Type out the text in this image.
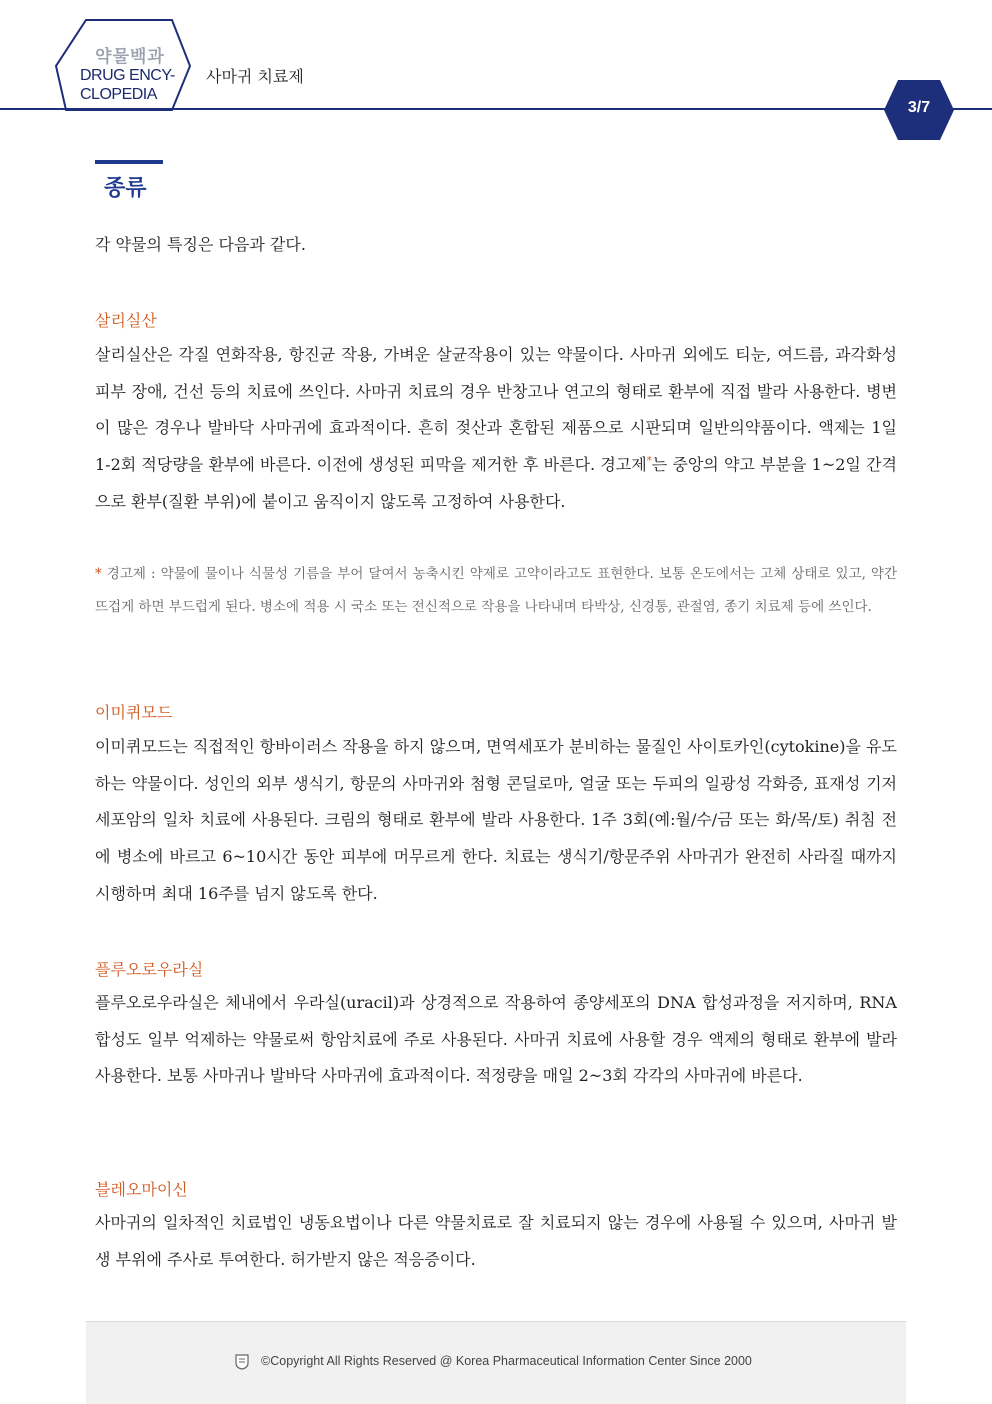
약물백과
DRUG ENCY-
CLOPEDIA
사마귀 치료제
3/7
종류
각 약물의 특징은 다음과 같다.
살리실산

살리실산은 각질 연화작용, 항진균 작용, 가벼운 살균작용이 있는 약물이다. 사마귀 외에도 티눈, 여드름, 과각화성 피부 장애, 건선 등의 치료에 쓰인다. 사마귀 치료의 경우 반창고나 연고의 형태로 환부에 직접 발라 사용한다. 병변이 많은 경우나 발바닥 사마귀에 효과적이다. 흔히 젖산과 혼합된 제품으로 시판되며 일반의약품이다. 액제는 1일 1-2회 적당량을 환부에 바른다. 이전에 생성된 피막을 제거한 후 바른다. 경고제*는 중앙의 약고 부분을 1~2일 간격으로 환부(질환 부위)에 붙이고 움직이지 않도록 고정하여 사용한다.

* 경고제 : 약물에 물이나 식물성 기름을 부어 달여서 농축시킨 약제로 고약이라고도 표현한다. 보통 온도에서는 고체 상태로 있고, 약간 뜨겁게 하면 부드럽게 된다. 병소에 적용 시 국소 또는 전신적으로 작용을 나타내며 타박상, 신경통, 관절염, 종기 치료제 등에 쓰인다.

이미퀴모드

이미퀴모드는 직접적인 항바이러스 작용을 하지 않으며, 면역세포가 분비하는 물질인 사이토카인(cytokine)을 유도하는 약물이다. 성인의 외부 생식기, 항문의 사마귀와 첨형 콘딜로마, 얼굴 또는 두피의 일광성 각화증, 표재성 기저 세포암의 일차 치료에 사용된다. 크림의 형태로 환부에 발라 사용한다. 1주 3회(예:월/수/금 또는 화/목/토) 취침 전에 병소에 바르고 6~10시간 동안 피부에 머무르게 한다. 치료는 생식기/항문주위 사마귀가 완전히 사라질 때까지 시행하며 최대 16주를 넘지 않도록 한다.

플루오로우라실

플루오로우라실은 체내에서 우라실(uracil)과 상경적으로 작용하여 종양세포의 DNA 합성과정을 저지하며, RNA 합성도 일부 억제하는 약물로써 항암치료에 주로 사용된다. 사마귀 치료에 사용할 경우 액제의 형태로 환부에 발라 사용한다. 보통 사마귀나 발바닥 사마귀에 효과적이다. 적정량을 매일 2~3회 각각의 사마귀에 바른다.

블레오마이신

사마귀의 일차적인 치료법인 냉동요법이나 다른 약물치료로 잘 치료되지 않는 경우에 사용될 수 있으며, 사마귀 발생 부위에 주사로 투여한다. 허가받지 않은 적응증이다.

©Copyright All Rights Reserved @ Korea Pharmaceutical Information Center Since 2000
